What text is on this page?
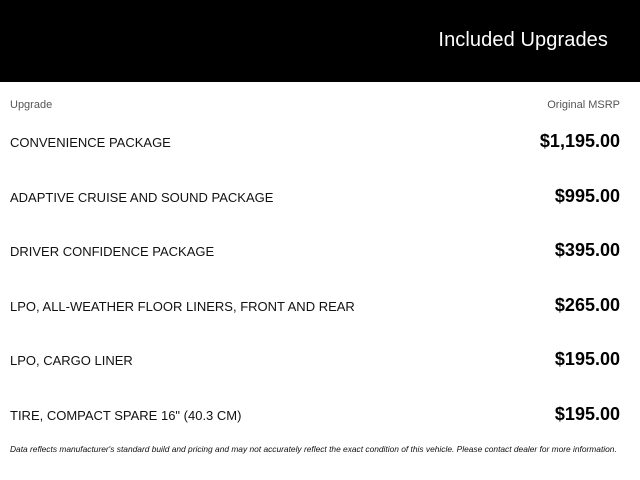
Included Upgrades
Upgrade	Original MSRP
CONVENIENCE PACKAGE	$1,195.00
ADAPTIVE CRUISE AND SOUND PACKAGE	$995.00
DRIVER CONFIDENCE PACKAGE	$395.00
LPO, ALL-WEATHER FLOOR LINERS, FRONT AND REAR	$265.00
LPO, CARGO LINER	$195.00
TIRE, COMPACT SPARE 16" (40.3 CM)	$195.00
Data reflects manufacturer's standard build and pricing and may not accurately reflect the exact condition of this vehicle. Please contact dealer for more information.
